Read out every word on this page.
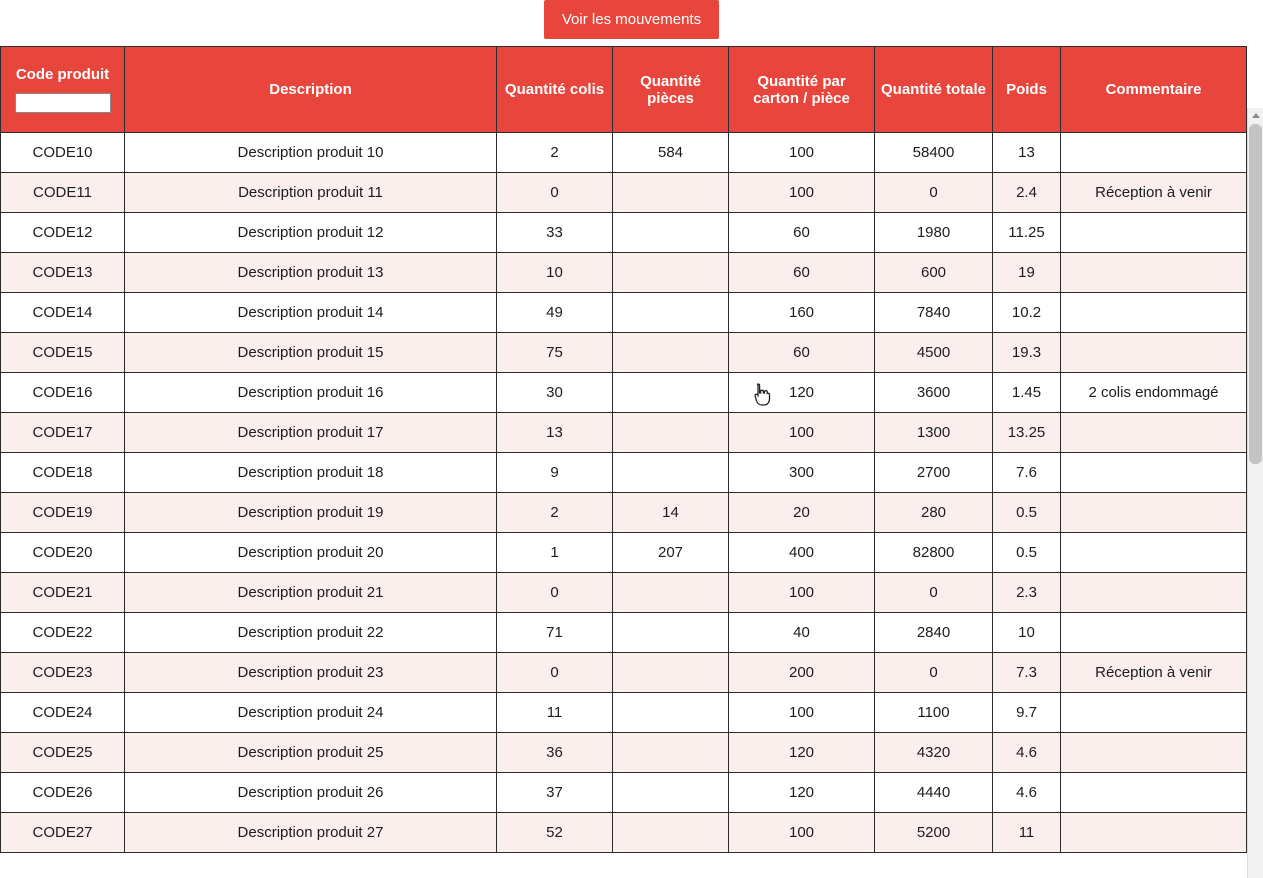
Voir les mouvements
Code produit	Description	Quantité colis	Quantité pièces	Quantité par carton / pièce	Quantité totale	Poids	Commentaire
CODE10	Description produit 10	2	584	100	58400	13	
CODE11	Description produit 11	0		100	0	2.4	Réception à venir
CODE12	Description produit 12	33		60	1980	11.25	
CODE13	Description produit 13	10		60	600	19	
CODE14	Description produit 14	49		160	7840	10.2	
CODE15	Description produit 15	75		60	4500	19.3	
CODE16	Description produit 16	30		120	3600	1.45	2 colis endommagé
CODE17	Description produit 17	13		100	1300	13.25	
CODE18	Description produit 18	9		300	2700	7.6	
CODE19	Description produit 19	2	14	20	280	0.5	
CODE20	Description produit 20	1	207	400	82800	0.5	
CODE21	Description produit 21	0		100	0	2.3	
CODE22	Description produit 22	71		40	2840	10	
CODE23	Description produit 23	0		200	0	7.3	Réception à venir
CODE24	Description produit 24	11		100	1100	9.7	
CODE25	Description produit 25	36		120	4320	4.6	
CODE26	Description produit 26	37		120	4440	4.6	
CODE27	Description produit 27	52		100	5200	11	
